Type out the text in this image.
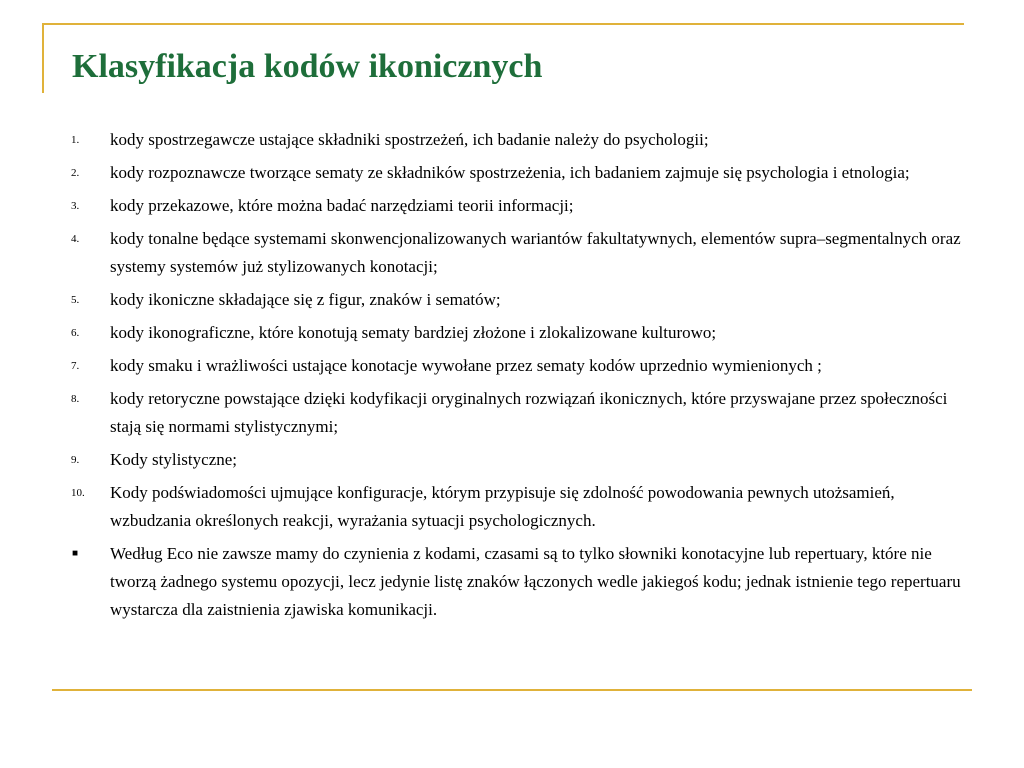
Klasyfikacja kodów ikonicznych
1.	kody spostrzegawcze ustające składniki spostrzeżeń, ich badanie należy do psychologii;
2.	kody rozpoznawcze tworzące sematy ze składników spostrzeżenia, ich badaniem zajmuje się psychologia i etnologia;
3.	kody przekazowe, które można badać narzędziami teorii informacji;
4.	kody tonalne będące systemami skonwencjonalizowanych wariantów fakultatywnych, elementów supra–segmentalnych oraz systemy systemów już stylizowanych konotacji;
5.	kody ikoniczne składające się z figur, znaków i sematów;
6.	kody ikonograficzne, które konotują sematy bardziej złożone i zlokalizowane kulturowo;
7.	kody smaku i wrażliwości ustające konotacje wywołane przez sematy kodów uprzednio wymienionych ;
8.	kody retoryczne powstające dzięki kodyfikacji oryginalnych rozwiązań ikonicznych, które przyswajane przez społeczności stają się normami stylistycznymi;
9.	Kody stylistyczne;
10.	Kody podświadomości ujmujące konfiguracje, którym przypisuje się zdolność powodowania pewnych utożsamień, wzbudzania określonych reakcji, wyrażania sytuacji psychologicznych.
■	Według Eco nie zawsze mamy do czynienia z kodami, czasami są to tylko słowniki konotacyjne lub repertuary, które nie tworzą żadnego systemu opozycji, lecz jedynie listę znaków łączonych wedle jakiegoś kodu; jednak istnienie tego repertuaru wystarcza dla zaistnienia zjawiska komunikacji.
